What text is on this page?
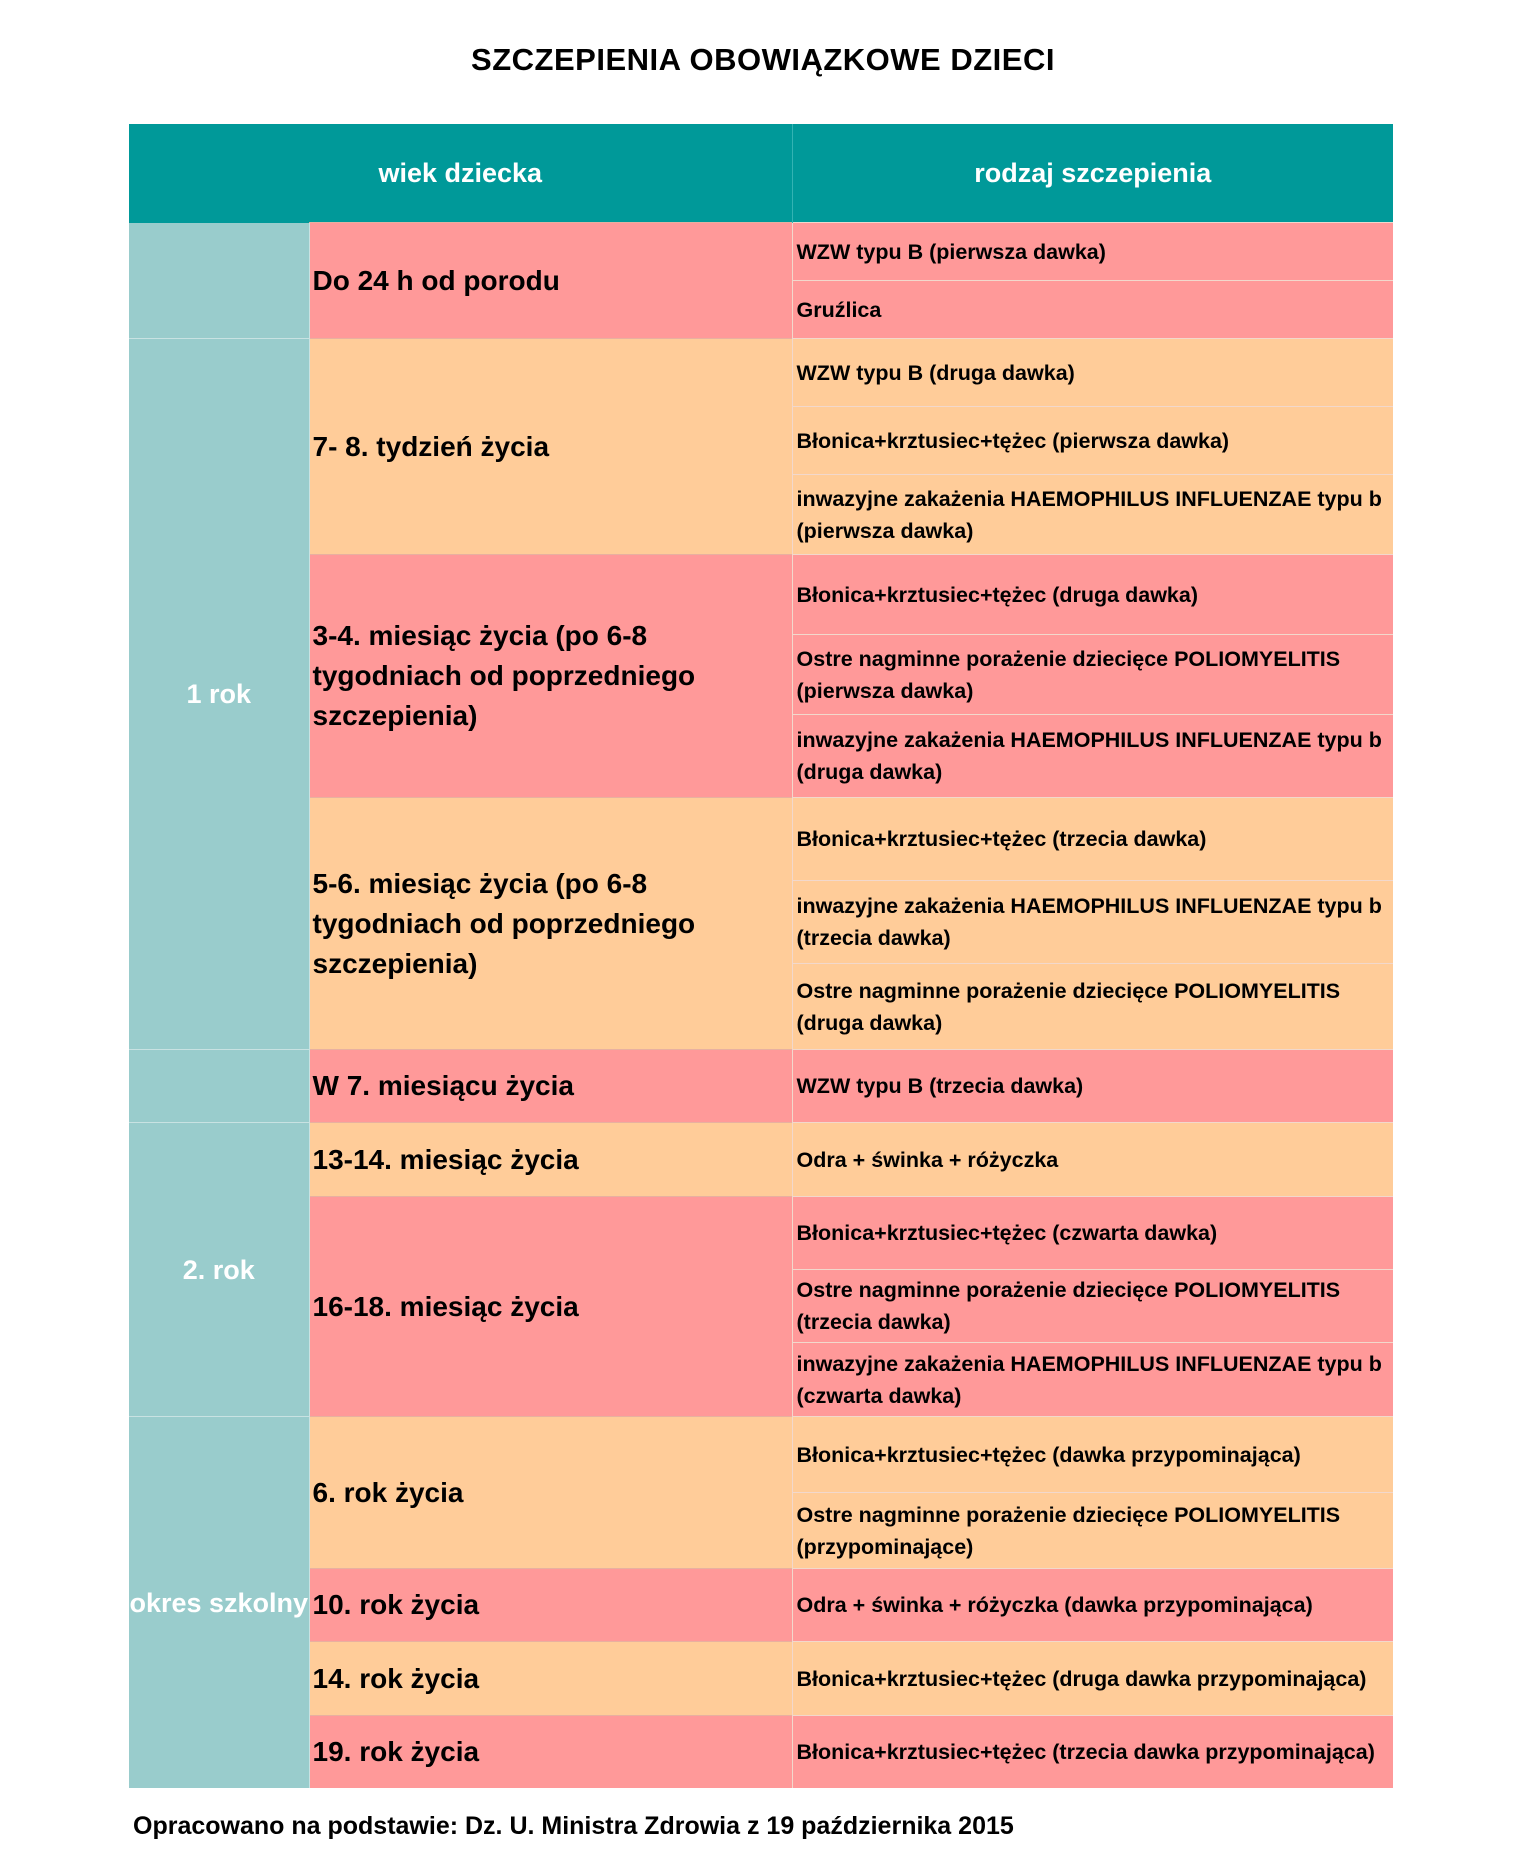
SZCZEPIENIA OBOWIĄZKOWE DZIECI
wiek dziecka		rodzaj szczepienia
	Do 24 h od porodu	WZW typu B (pierwsza dawka)
		Gruźlica
1 rok	7- 8. tydzień życia	WZW typu B (druga dawka)
		Błonica+krztusiec+tężec (pierwsza dawka)
		inwazyjne zakażenia HAEMOPHILUS INFLUENZAE typu b (pierwsza dawka)
	3-4. miesiąc życia (po 6-8 tygodniach od poprzedniego szczepienia)	Błonica+krztusiec+tężec (druga dawka)
		Ostre nagminne porażenie dziecięce POLIOMYELITIS (pierwsza dawka)
		inwazyjne zakażenia HAEMOPHILUS INFLUENZAE typu b (druga dawka)
	5-6. miesiąc życia (po 6-8 tygodniach od poprzedniego szczepienia)	Błonica+krztusiec+tężec (trzecia dawka)
		inwazyjne zakażenia HAEMOPHILUS INFLUENZAE typu b (trzecia dawka)
		Ostre nagminne porażenie dziecięce POLIOMYELITIS (druga dawka)
	W 7. miesiącu życia	WZW typu B (trzecia dawka)
2. rok	13-14. miesiąc życia	Odra + świnka + różyczka
	16-18. miesiąc życia	Błonica+krztusiec+tężec (czwarta dawka)
		Ostre nagminne porażenie dziecięce POLIOMYELITIS (trzecia dawka)
		inwazyjne zakażenia HAEMOPHILUS INFLUENZAE typu b (czwarta dawka)
okres szkolny	6. rok życia	Błonica+krztusiec+tężec (dawka przypominająca)
		Ostre nagminne porażenie dziecięce POLIOMYELITIS (przypominające)
	10. rok życia	Odra + świnka + różyczka (dawka przypominająca)
	14. rok życia	Błonica+krztusiec+tężec (druga dawka przypominająca)
	19. rok życia	Błonica+krztusiec+tężec (trzecia dawka przypominająca)
Opracowano na podstawie: Dz. U. Ministra Zdrowia z 19 października 2015
